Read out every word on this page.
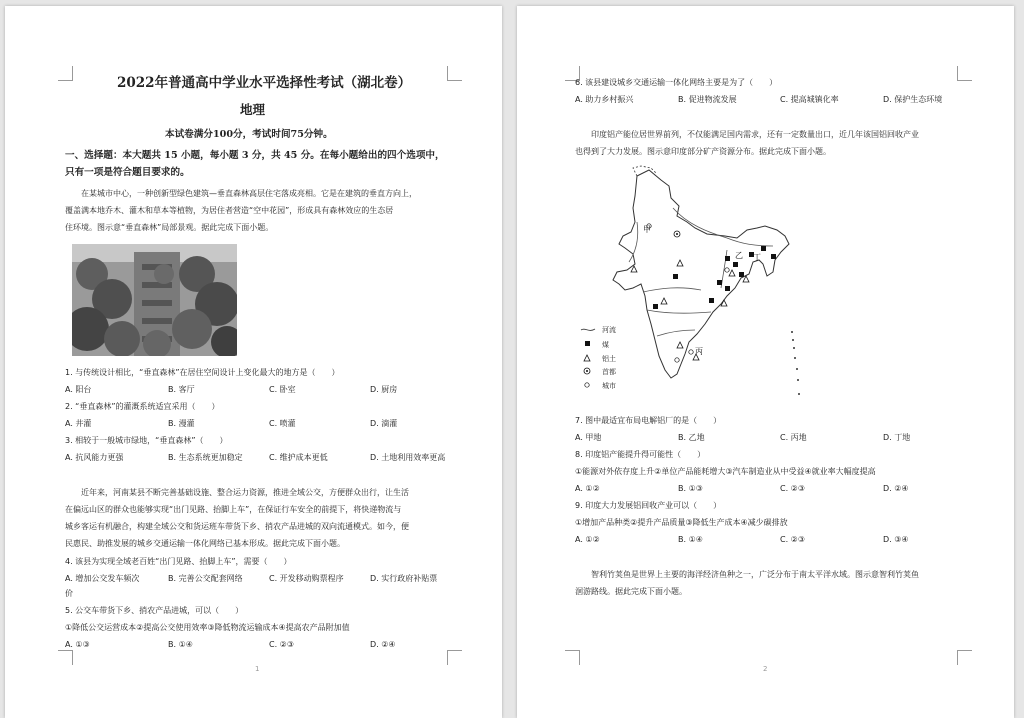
2022年普通高中学业水平选择性考试（湖北卷）
地理
本试卷满分100分，考试时间75分钟。
一、选择题：本大题共 15 小题，每小题 3 分，共 45 分。在每小题给出的四个选项中，
只有一项是符合题目要求的。
　　在某城市中心，一种创新型绿色建筑—垂直森林高层住宅落成亮相。它是在建筑的垂直方向上，
覆盖满本地乔木、灌木和草本等植物，为居住者营造“空中花园”，形成具有森林效应的生态居
住环境。图示意“垂直森林”局部景观。据此完成下面小题。
1. 与传统设计相比，“垂直森林”在居住空间设计上变化最大的地方是（　　）
A. 阳台	B. 客厅	C. 卧室	D. 厨房
2. “垂直森林”的灌溉系统适宜采用（　　）
A. 井灌	B. 漫灌	C. 喷灌	D. 滴灌
3. 相较于一般城市绿地，“垂直森林”（　　）
A. 抗风能力更强	B. 生态系统更加稳定	C. 维护成本更低	D. 土地利用效率更高
　　近年来，河南某县不断完善基础设施、整合运力资源，推进全域公交，方便群众出行，让生活
在偏远山区的群众也能够实现“出门见路、抬脚上车”，在保证行车安全的前提下，将快递物流与
城乡客运有机融合，构建全域公交和货运班车带货下乡、捎农产品进城的双向流通模式。如今，便
民惠民、助推发展的城乡交通运输一体化网络已基本形成。据此完成下面小题。
4. 该县为实现全域老百姓“出门见路、抬脚上车”，需要（　　）
A. 增加公交发车频次	B. 完善公交配套网络	C. 开发移动购票程序	D. 实行政府补贴票
价
5. 公交车带货下乡、捎农产品进城，可以（　　）
①降低公交运营成本②提高公交使用效率③降低物流运输成本④提高农产品附加值
A. ①③	B. ①④	C. ②③	D. ②④
1
6. 该县建设城乡交通运输一体化网络主要是为了（　　）
A. 助力乡村振兴	B. 促进物流发展	C. 提高城镇化率	D. 保护生态环境
　　印度铝产能位居世界前列，不仅能满足国内需求，还有一定数量出口，近几年该国铝回收产业
也得到了大力发展。图示意印度部分矿产资源分布。据此完成下面小题。
甲
乙
丙
丁
河流
煤
铝土
首都
城市
7. 图中最适宜布局电解铝厂的是（　　）
A. 甲地	B. 乙地	C. 丙地	D. 丁地
8. 印度铝产能提升得可能性（　　）
①能源对外依存度上升②单位产品能耗增大③汽车制造业从中受益④就业率大幅度提高
A. ①②	B. ①③	C. ②③	D. ②④
9. 印度大力发展铝回收产业可以（　　）
①增加产品种类②提升产品质量③降低生产成本④减少碳排放
A. ①②	B. ①④	C. ②③	D. ③④
　　智利竹荚鱼是世界上主要的海洋经济鱼种之一，广泛分布于南太平洋水域。图示意智利竹荚鱼
洄游路线。据此完成下面小题。
2
